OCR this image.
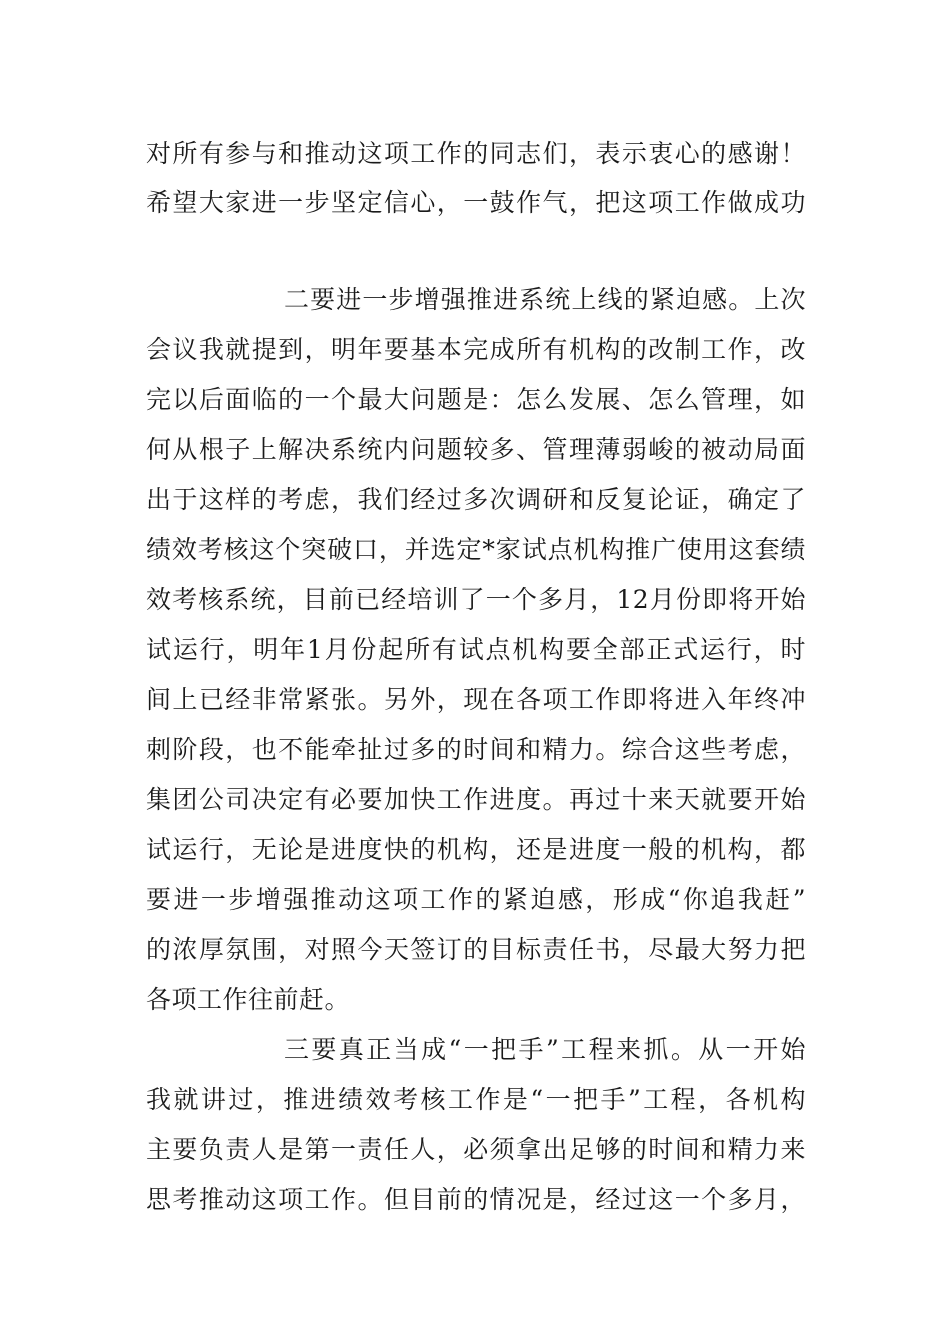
对所有参与和推动这项工作的同志们，表示衷心的感谢！
希望大家进一步坚定信心，一鼓作气，把这项工作做成功
二要进一步增强推进系统上线的紧迫感。上次
会议我就提到，明年要基本完成所有机构的改制工作，改
完以后面临的一个最大问题是：怎么发展、怎么管理，如
何从根子上解决系统内问题较多、管理薄弱峻的被动局面
出于这样的考虑，我们经过多次调研和反复论证，确定了
绩效考核这个突破口，并选定*家试点机构推广使用这套绩
效考核系统，目前已经培训了一个多月，12月份即将开始
试运行，明年1月份起所有试点机构要全部正式运行，时
间上已经非常紧张。另外，现在各项工作即将进入年终冲
刺阶段，也不能牵扯过多的时间和精力。综合这些考虑，
集团公司决定有必要加快工作进度。再过十来天就要开始
试运行，无论是进度快的机构，还是进度一般的机构，都
要进一步增强推动这项工作的紧迫感，形成“你追我赶”
的浓厚氛围，对照今天签订的目标责任书，尽最大努力把
各项工作往前赶。
三要真正当成“一把手”工程来抓。从一开始
我就讲过，推进绩效考核工作是“一把手”工程，各机构
主要负责人是第一责任人，必须拿出足够的时间和精力来
思考推动这项工作。但目前的情况是，经过这一个多月，
